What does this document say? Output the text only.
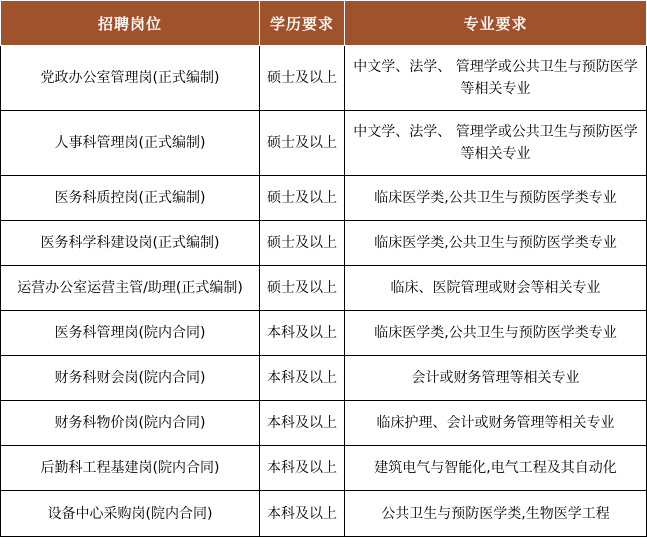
招聘岗位	学历要求	专业要求
党政办公室管理岗(正式编制)	硕士及以上	中文学、法学、 管理学或公共卫生与预防医学等相关专业
人事科管理岗(正式编制)	硕士及以上	中文学、法学、 管理学或公共卫生与预防医学等相关专业
医务科质控岗(正式编制)	硕士及以上	临床医学类,公共卫生与预防医学类专业
医务科学科建设岗(正式编制)	硕士及以上	临床医学类,公共卫生与预防医学类专业
运营办公室运营主管/助理(正式编制)	硕士及以上	临床、医院管理或财会等相关专业
医务科管理岗(院内合同)	本科及以上	临床医学类,公共卫生与预防医学类专业
财务科财会岗(院内合同)	本科及以上	会计或财务管理等相关专业
财务科物价岗(院内合同)	本科及以上	临床护理、会计或财务管理等相关专业
后勤科工程基建岗(院内合同)	本科及以上	建筑电气与智能化,电气工程及其自动化
设备中心采购岗(院内合同)	本科及以上	公共卫生与预防医学类,生物医学工程
